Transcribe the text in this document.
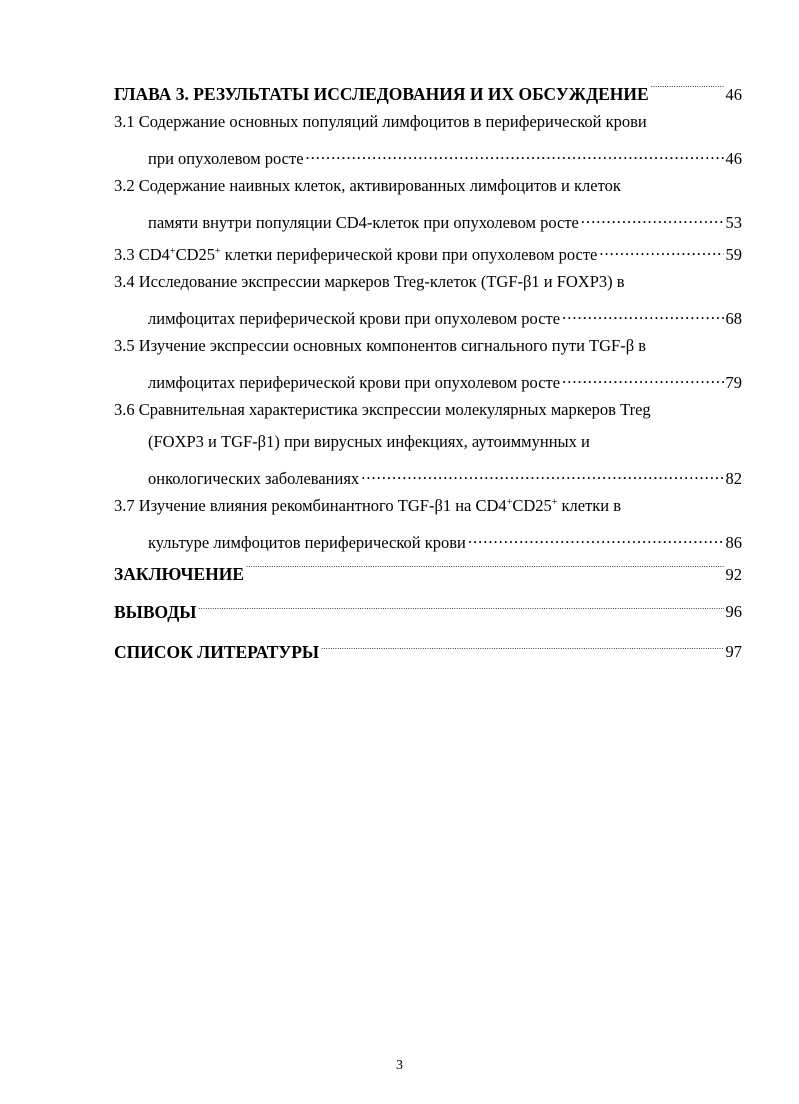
ГЛАВА 3. РЕЗУЛЬТАТЫ ИССЛЕДОВАНИЯ И ИХ ОБСУЖДЕНИЕ .....	46
3.1 Содержание основных популяций лимфоцитов в периферической крови
при опухолевом росте .....	46
3.2 Содержание наивных клеток, активированных лимфоцитов и клеток
памяти внутри популяции CD4-клеток при опухолевом росте .....	53
3.3 CD4+CD25+ клетки периферической крови при опухолевом росте .....	59
3.4 Исследование экспрессии маркеров Treg-клеток (TGF-β1 и FOXP3) в
лимфоцитах периферической крови при опухолевом росте .....	68
3.5 Изучение экспрессии основных компонентов сигнального пути TGF-β в
лимфоцитах периферической крови при опухолевом росте .....	79
3.6 Сравнительная характеристика экспрессии молекулярных маркеров Treg
(FOXP3 и TGF-β1) при вирусных инфекциях, аутоиммунных и
онкологических заболеваниях .....	82
3.7 Изучение влияния рекомбинантного TGF-β1 на CD4+CD25+ клетки в
культуре лимфоцитов периферической крови .....	86
ЗАКЛЮЧЕНИЕ .....	92
ВЫВОДЫ .....	96
СПИСОК ЛИТЕРАТУРЫ .....	97
3
